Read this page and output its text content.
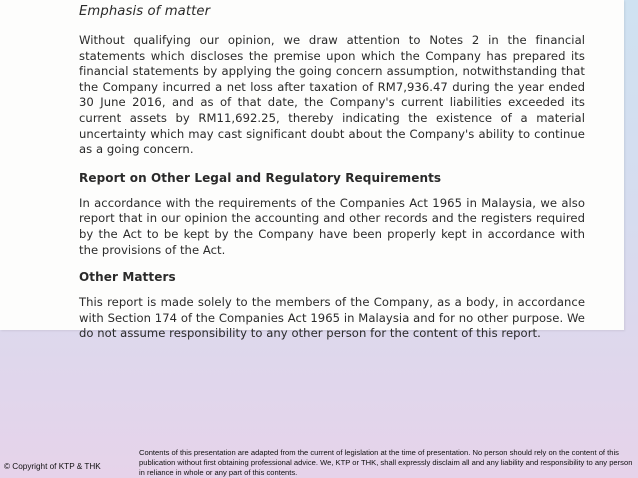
Emphasis of matter

Without qualifying our opinion, we draw attention to Notes 2 in the financial statements which discloses the premise upon which the Company has prepared its financial statements by applying the going concern assumption, notwithstanding that the Company incurred a net loss after taxation of RM7,936.47 during the year ended 30 June 2016, and as of that date, the Company's current liabilities exceeded its current assets by RM11,692.25, thereby indicating the existence of a material uncertainty which may cast significant doubt about the Company's ability to continue as a going concern.

Report on Other Legal and Regulatory Requirements

In accordance with the requirements of the Companies Act 1965 in Malaysia, we also report that in our opinion the accounting and other records and the registers required by the Act to be kept by the Company have been properly kept in accordance with the provisions of the Act.

Other Matters

This report is made solely to the members of the Company, as a body, in accordance with Section 174 of the Companies Act 1965 in Malaysia and for no other purpose. We do not assume responsibility to any other person for the content of this report.

© Copyright of KTP & THK
Contents of this presentation are adapted from the current of legislation at the time of presentation. No person should rely on the content of this publication without first obtaining professional advice. We, KTP or THK, shall expressly disclaim all and any liability and responsibility to any person in reliance in whole or any part of this contents.
